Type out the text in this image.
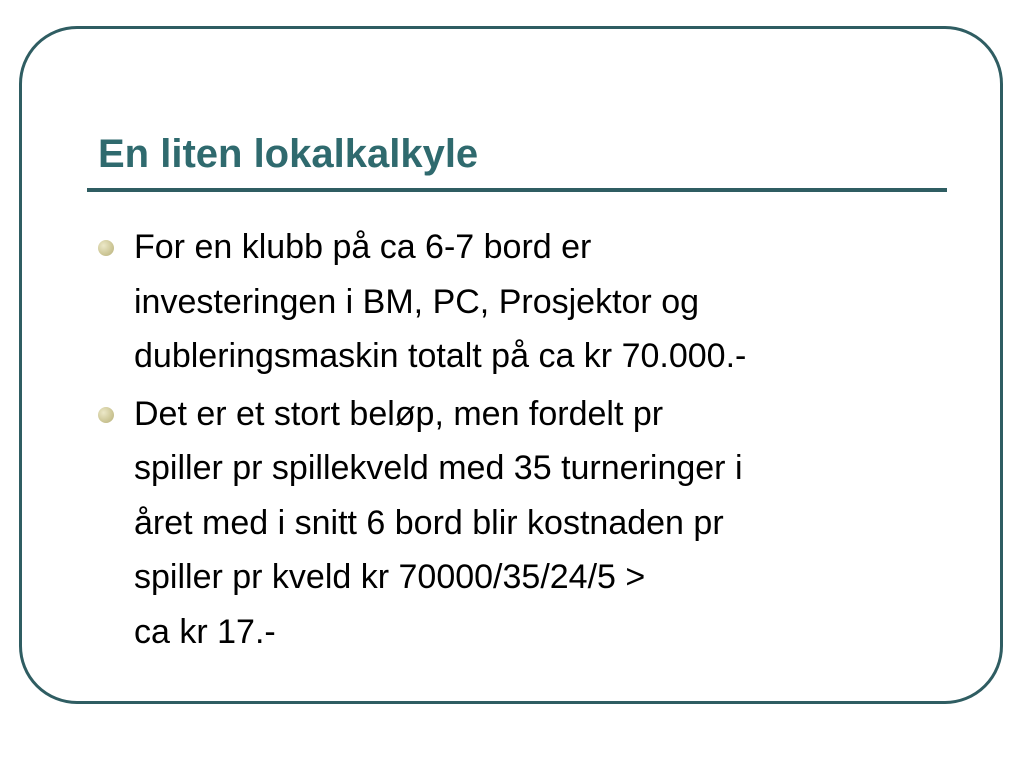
En liten lokalkalkyle
For en klubb på ca 6-7 bord er
investeringen i BM, PC, Prosjektor og
dubleringsmaskin totalt på ca kr 70.000.-
Det er et stort beløp, men fordelt pr
spiller pr spillekveld med 35 turneringer i
året med i snitt 6 bord blir kostnaden pr
spiller pr kveld kr 70000/35/24/5 >
ca kr 17.-
